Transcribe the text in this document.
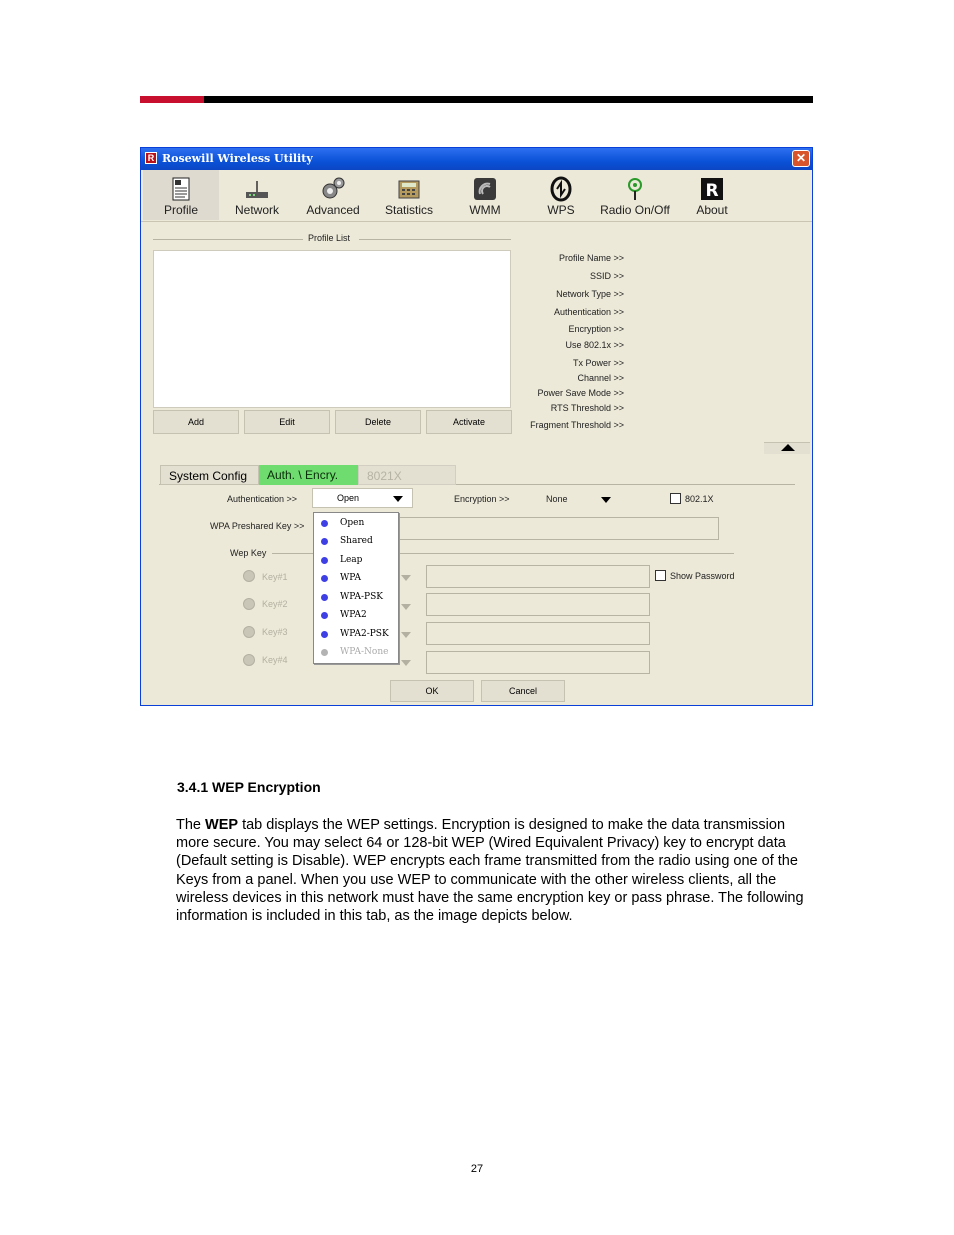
R Rosewill Wireless Utility	✕
Profile	Network	Advanced	Statistics	WMM	WPS	Radio On/Off
R
About
Profile List
Add	Edit	Delete	Activate
Profile Name >>
SSID >>
Network Type >>
Authentication >>
Encryption >>
Use 802.1x >>
Tx Power >>
Channel >>
Power Save Mode >>
RTS Threshold >>
Fragment Threshold >>
System Config	Auth. \ Encry.	8021X
Authentication >>	Open	Encryption >>	None	802.1X
WPA Preshared Key >>
Wep Key
Key#1
Key#2
Key#3
Key#4
Show Password
Open
Shared
Leap
WPA
WPA-PSK
WPA2
WPA2-PSK
WPA-None
OK	Cancel
3.4.1 WEP Encryption
The WEP tab displays the WEP settings. Encryption is designed to make the data transmission more secure. You may select 64 or 128-bit WEP (Wired Equivalent Privacy) key to encrypt data (Default setting is Disable). WEP encrypts each frame transmitted from the radio using one of the Keys from a panel. When you use WEP to communicate with the other wireless clients, all the wireless devices in this network must have the same encryption key or pass phrase. The following information is included in this tab, as the image depicts below.
27
